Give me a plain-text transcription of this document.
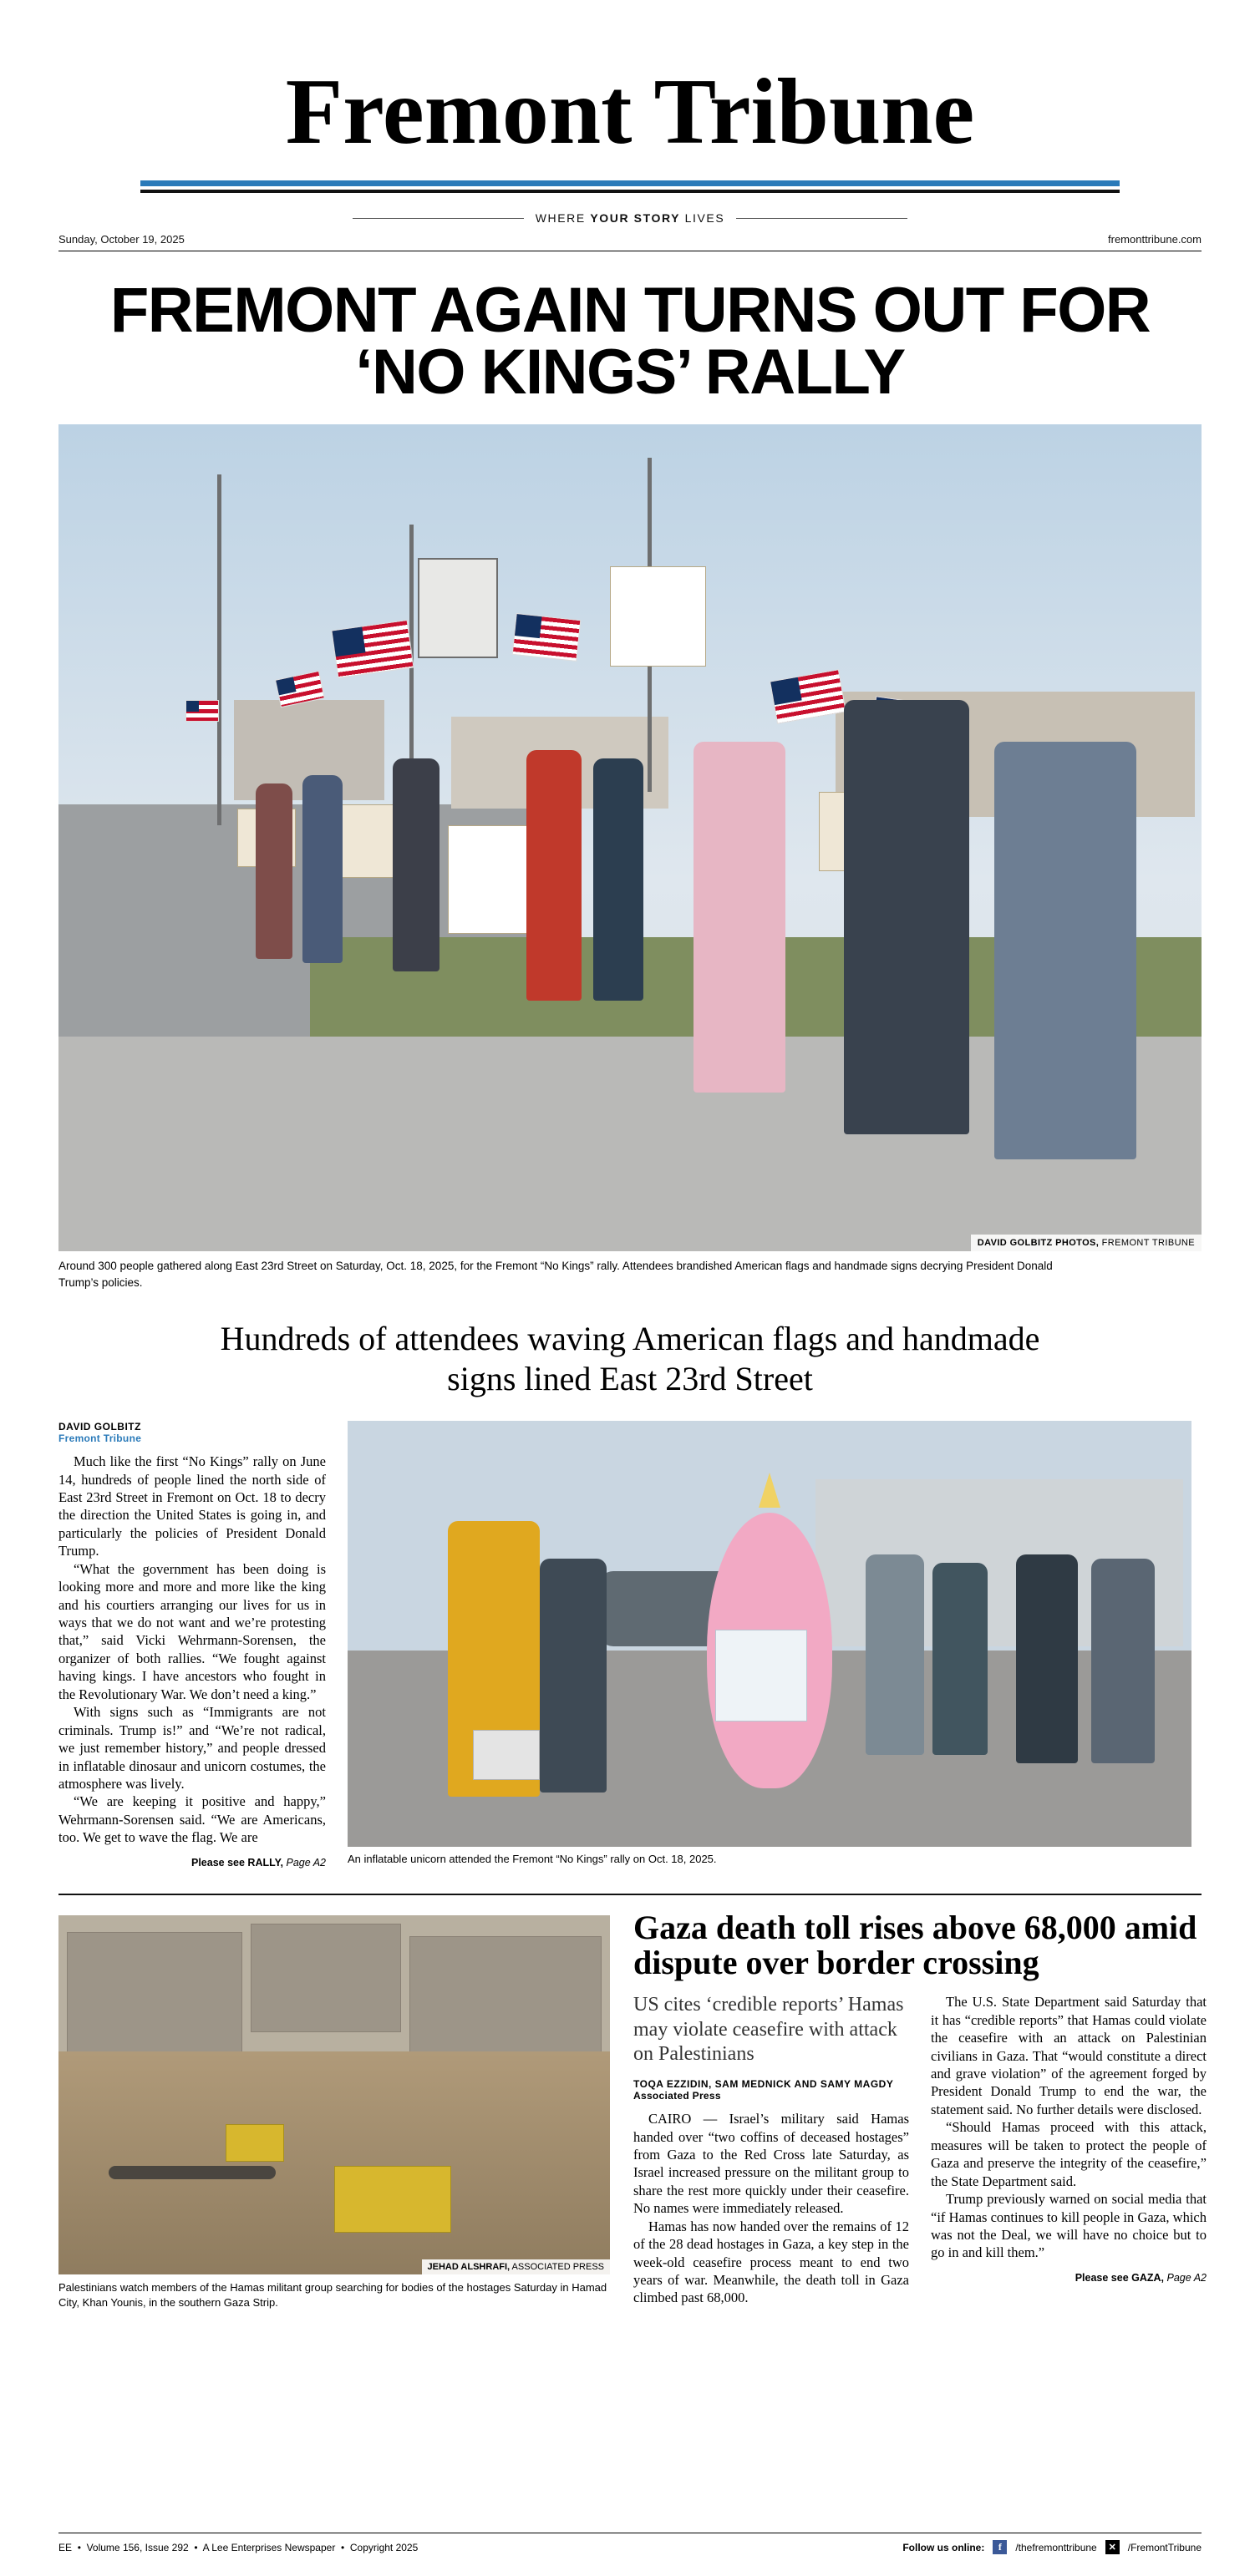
Fremont Tribune
WHERE YOUR STORY LIVES
Sunday, October 19, 2025	fremonttribune.com
FREMONT AGAIN TURNS OUT FOR ‘NO KINGS’ RALLY
DAVID GOLBITZ PHOTOS, FREMONT TRIBUNE
Around 300 people gathered along East 23rd Street on Saturday, Oct. 18, 2025, for the Fremont “No Kings” rally. Attendees brandished American flags and handmade signs decrying President Donald Trump’s policies.
Hundreds of attendees waving American flags and handmade signs lined East 23rd Street
DAVID GOLBITZ
Fremont Tribune

Much like the first “No Kings” rally on June 14, hundreds of people lined the north side of East 23rd Street in Fremont on Oct. 18 to decry the direction the United States is going in, and particularly the policies of President Donald Trump.

“What the government has been doing is looking more and more and more like the king and his courtiers arranging our lives for us in ways that we do not want and we’re protesting that,” said Vicki Wehrmann-Sorensen, the organizer of both rallies. “We fought against having kings. I have ancestors who fought in the Revolutionary War. We don’t need a king.”

With signs such as “Immigrants are not criminals. Trump is!” and “We’re not radical, we just remember history,” and people dressed in inflatable dinosaur and unicorn costumes, the atmosphere was lively.

“We are keeping it positive and happy,” Wehrmann-Sorensen said. “We are Americans, too. We get to wave the flag. We are

Please see RALLY, Page A2 An inflatable unicorn attended the Fremont “No Kings” rally on Oct. 18, 2025.
JEHAD ALSHRAFI, ASSOCIATED PRESS
Palestinians watch members of the Hamas militant group searching for bodies of the hostages Saturday in Hamad City, Khan Younis, in the southern Gaza Strip.
Gaza death toll rises above 68,000 amid dispute over border crossing
US cites ‘credible reports’ Hamas may violate ceasefire with attack on Palestinians
TOQA EZZIDIN, SAM MEDNICK AND SAMY MAGDY
Associated Press

CAIRO — Israel’s military said Hamas handed over “two coffins of deceased hostages” from Gaza to the Red Cross late Saturday, as Israel increased pressure on the militant group to share the rest more quickly under their ceasefire. No names were immediately released.

Hamas has now handed over the remains of 12 of the 28 dead hostages in Gaza, a key step in the week-old ceasefire process meant to end two years of war. Meanwhile, the death toll in Gaza climbed past 68,000.

The U.S. State Department said Saturday that it has “credible reports” that Hamas could violate the ceasefire with an attack on Palestinian civilians in Gaza. That “would constitute a direct and grave violation” of the agreement forged by President Donald Trump to end the war, the statement said. No further details were disclosed.

“Should Hamas proceed with this attack, measures will be taken to protect the people of Gaza and preserve the integrity of the ceasefire,” the State Department said.

Trump previously warned on social media that “if Hamas continues to kill people in Gaza, which was not the Deal, we will have no choice but to go in and kill them.”

Please see GAZA, Page A2
EE  •  Volume 156, Issue 292  •  A Lee Enterprises Newspaper  •  Copyright 2025	Follow us online:	f	/thefremonttribune	✕	/FremontTribune
